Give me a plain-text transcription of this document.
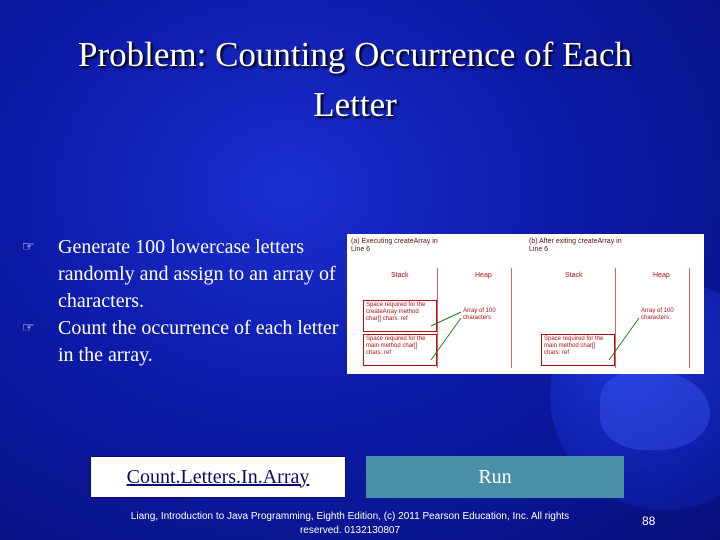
Problem: Counting Occurrence of Each Letter
☞	Generate 100 lowercase letters randomly and assign to an array of characters.
☞	Count the occurrence of each letter in the array.
(a) Executing createArray in Line 6
Stack	Heap
Space required for the createArray method char[] chars: ref
Space required for the main method char[] chars: ref
Array of 100 characters
(b) After exiting createArray in Line 6
Stack	Heap
Space required for the main method char[] chars: ref
Array of 100 characters
Count.Letters.In.Array	Run
Liang, Introduction to Java Programming, Eighth Edition, (c) 2011 Pearson Education, Inc. All rights reserved. 0132130807
88
